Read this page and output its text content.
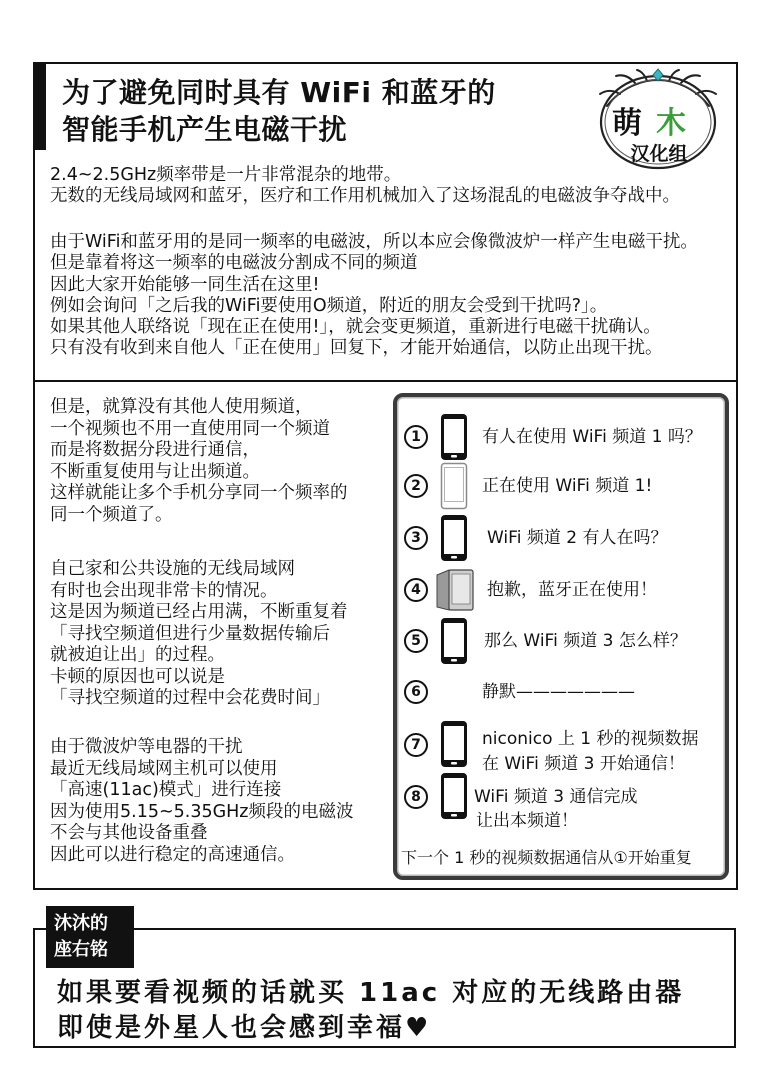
为了避免同时具有 WiFi 和蓝牙的
智能手机产生电磁干扰	萌 木
汉化组
2.4~2.5GHz频率带是一片非常混杂的地带。
无数的无线局域网和蓝牙，医疗和工作用机械加入了这场混乱的电磁波争夺战中。
由于WiFi和蓝牙用的是同一频率的电磁波，所以本应会像微波炉一样产生电磁干扰。
但是靠着将这一频率的电磁波分割成不同的频道
因此大家开始能够一同生活在这里!
例如会询问「之后我的WiFi要使用O频道，附近的朋友会受到干扰吗?」。
如果其他人联络说「现在正在使用!」，就会变更频道，重新进行电磁干扰确认。
只有没有收到来自他人「正在使用」回复下，才能开始通信，以防止出现干扰。
但是，就算没有其他人使用频道，
一个视频也不用一直使用同一个频道
而是将数据分段进行通信，
不断重复使用与让出频道。
这样就能让多个手机分享同一个频率的
同一个频道了。
自己家和公共设施的无线局域网
有时也会出现非常卡的情况。
这是因为频道已经占用满，不断重复着
「寻找空频道但进行少量数据传输后
就被迫让出」的过程。
卡顿的原因也可以说是
「寻找空频道的过程中会花费时间」
由于微波炉等电器的干扰
最近无线局域网主机可以使用
「高速(11ac)模式」进行连接
因为使用5.15~5.35GHz频段的电磁波
不会与其他设备重叠
因此可以进行稳定的高速通信。
1	有人在使用 WiFi 频道 1 吗？
2	正在使用 WiFi 频道 1!
3	WiFi 频道 2 有人在吗？
4	抱歉，蓝牙正在使用！
5	那么 WiFi 频道 3 怎么样？
6	静默———————
7	niconico 上 1 秒的视频数据
在 WiFi 频道 3 开始通信！
8	WiFi 频道 3 通信完成
让出本频道！
下一个 1 秒的视频数据通信从①开始重复
沐沐的
座右铭
如果要看视频的话就买 11ac 对应的无线路由器
即使是外星人也会感到幸福♥
